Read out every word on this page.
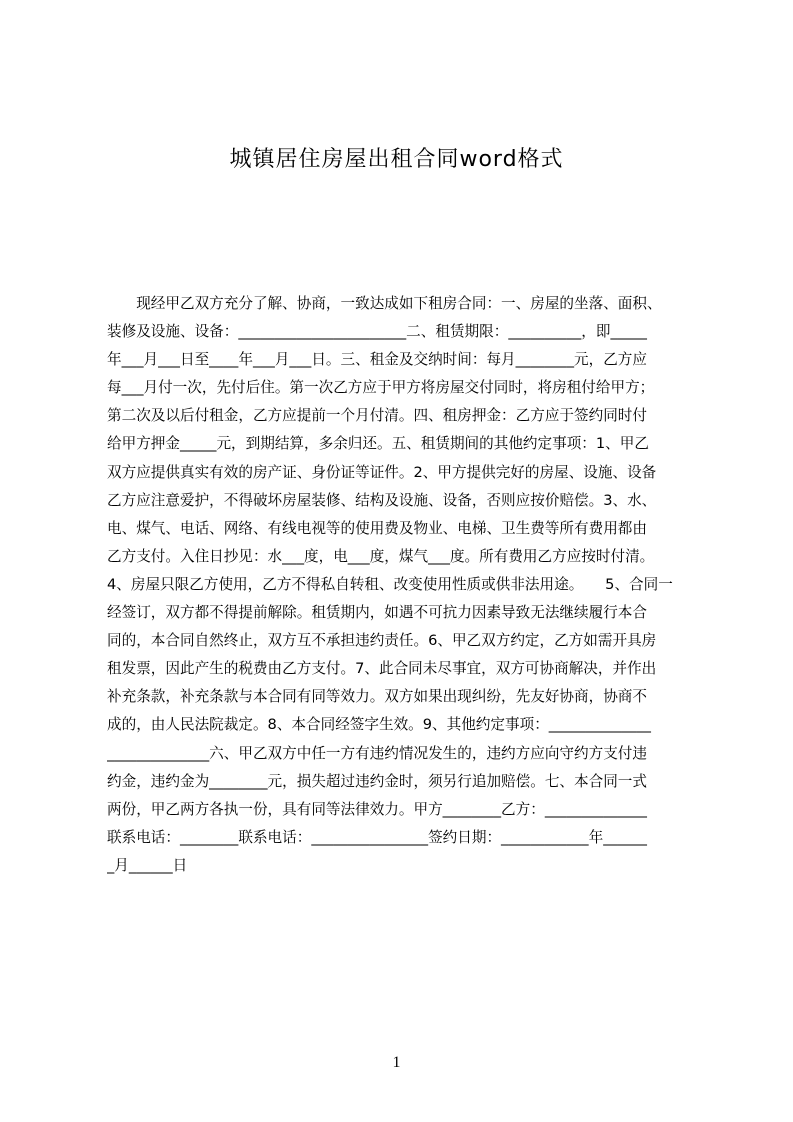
城镇居住房屋出租合同word格式
　　现经甲乙双方充分了解、协商，一致达成如下租房合同：一、房屋的坐落、面积、
装修及设施、设备：_______________________二、租赁期限：__________，即_____
年___月___日至____年___月___日。三、租金及交纳时间：每月________元，乙方应
每___月付一次，先付后住。第一次乙方应于甲方将房屋交付同时，将房租付给甲方；
第二次及以后付租金，乙方应提前一个月付清。四、租房押金：乙方应于签约同时付
给甲方押金_____元，到期结算，多余归还。五、租赁期间的其他约定事项：1、甲乙
双方应提供真实有效的房产证、身份证等证件。2、甲方提供完好的房屋、设施、设备
乙方应注意爱护，不得破坏房屋装修、结构及设施、设备，否则应按价赔偿。3、水、
电、煤气、电话、网络、有线电视等的使用费及物业、电梯、卫生费等所有费用都由
乙方支付。入住日抄见：水___度，电___度，煤气___度。所有费用乙方应按时付清。
4、房屋只限乙方使用，乙方不得私自转租、改变使用性质或供非法用途。　　5、合同一
经签订，双方都不得提前解除。租赁期内，如遇不可抗力因素导致无法继续履行本合
同的，本合同自然终止，双方互不承担违约责任。6、甲乙双方约定，乙方如需开具房
租发票，因此产生的税费由乙方支付。7、此合同未尽事宜，双方可协商解决，并作出
补充条款，补充条款与本合同有同等效力。双方如果出现纠纷，先友好协商，协商不
成的，由人民法院裁定。8、本合同经签字生效。9、其他约定事项：______________
______________六、甲乙双方中任一方有违约情况发生的，违约方应向守约方支付违
约金，违约金为________元，损失超过违约金时，须另行追加赔偿。七、本合同一式
两份，甲乙两方各执一份，具有同等法律效力。甲方________乙方：______________
联系电话：________联系电话：________________签约日期：____________年______
_月______日
1
